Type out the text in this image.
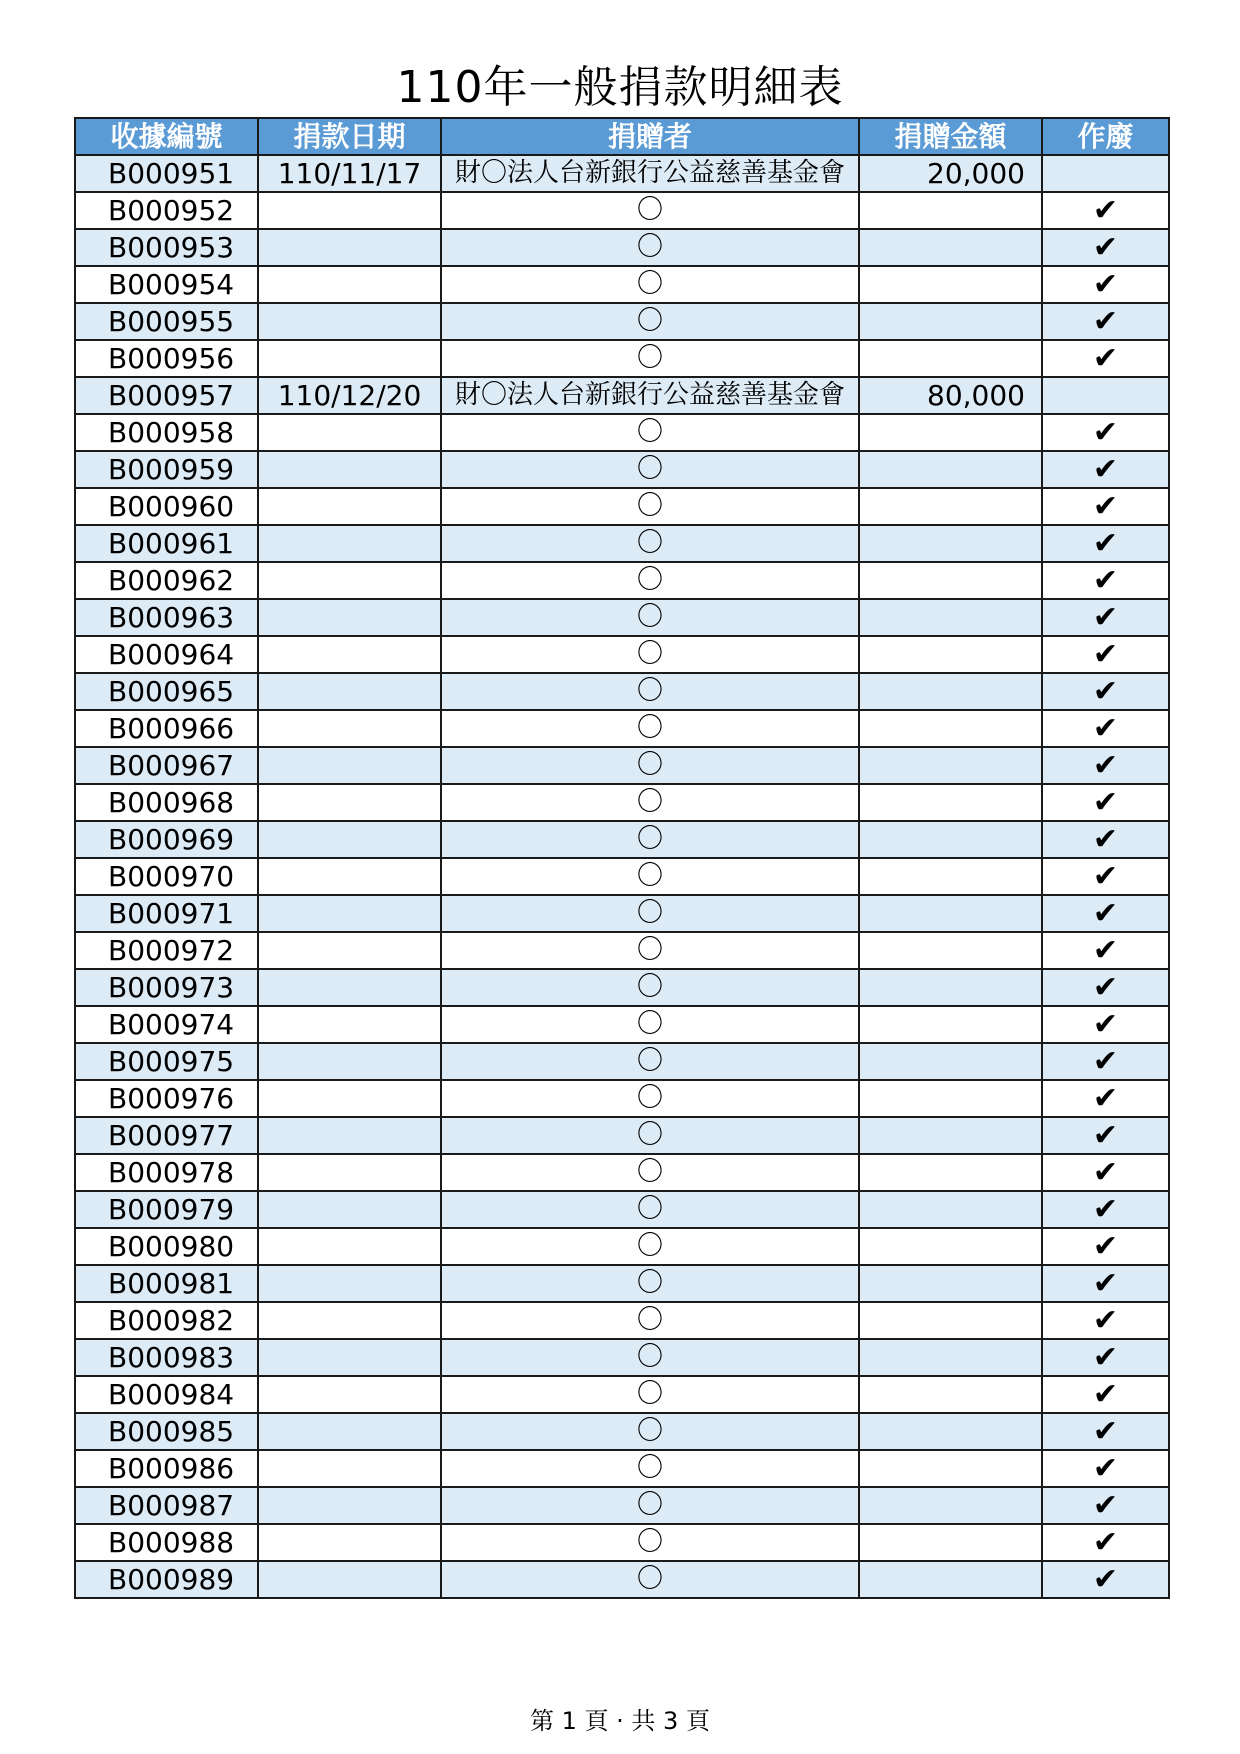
110年一般捐款明細表
收據編號	捐款日期	捐贈者	捐贈金額	作廢
B000951	110/11/17	財〇法人台新銀行公益慈善基金會	20,000	
B000952		〇		✔
B000953		〇		✔
B000954		〇		✔
B000955		〇		✔
B000956		〇		✔
B000957	110/12/20	財〇法人台新銀行公益慈善基金會	80,000	
B000958		〇		✔
B000959		〇		✔
B000960		〇		✔
B000961		〇		✔
B000962		〇		✔
B000963		〇		✔
B000964		〇		✔
B000965		〇		✔
B000966		〇		✔
B000967		〇		✔
B000968		〇		✔
B000969		〇		✔
B000970		〇		✔
B000971		〇		✔
B000972		〇		✔
B000973		〇		✔
B000974		〇		✔
B000975		〇		✔
B000976		〇		✔
B000977		〇		✔
B000978		〇		✔
B000979		〇		✔
B000980		〇		✔
B000981		〇		✔
B000982		〇		✔
B000983		〇		✔
B000984		〇		✔
B000985		〇		✔
B000986		〇		✔
B000987		〇		✔
B000988		〇		✔
B000989		〇		✔
第 1 頁 · 共 3 頁
